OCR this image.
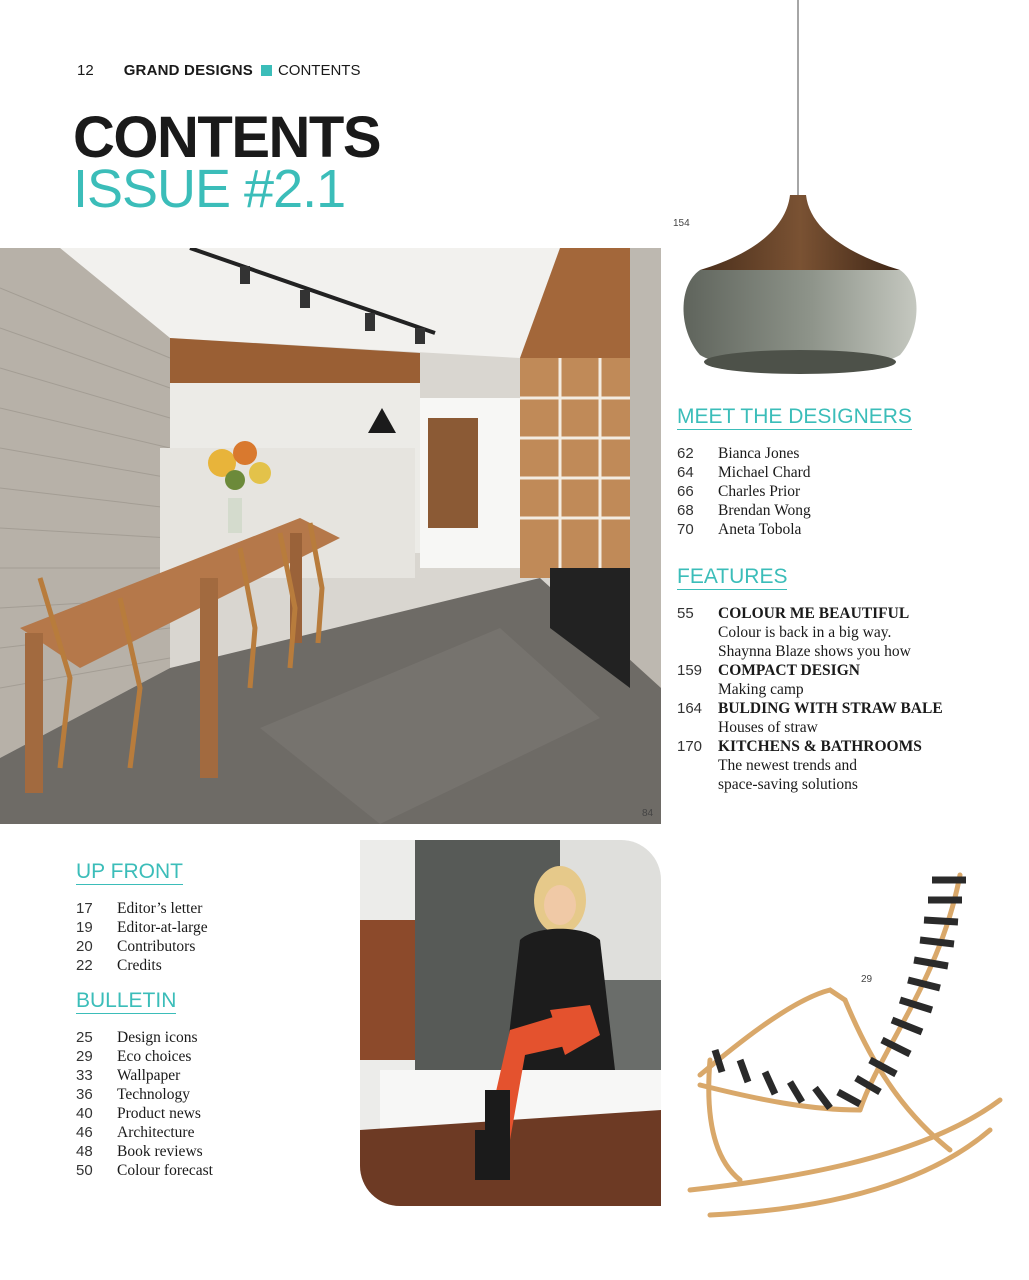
12 GRAND DESIGNS CONTENTS
CONTENTS
ISSUE #2.1
154
84
MEET THE DESIGNERS
62	Bianca Jones
64	Michael Chard
66	Charles Prior
68	Brendan Wong
70	Aneta Tobola
FEATURES
55	COLOUR ME BEAUTIFUL
Colour is back in a big way.
Shaynna Blaze shows you how
159	COMPACT DESIGN
Making camp
164	BULDING WITH STRAW BALE
Houses of straw
170	KITCHENS & BATHROOMS
The newest trends and
space-saving solutions
UP FRONT
17	Editor’s letter
19	Editor-at-large
20	Contributors
22	Credits
BULLETIN
25	Design icons
29	Eco choices
33	Wallpaper
36	Technology
40	Product news
46	Architecture
48	Book reviews
50	Colour forecast
29
